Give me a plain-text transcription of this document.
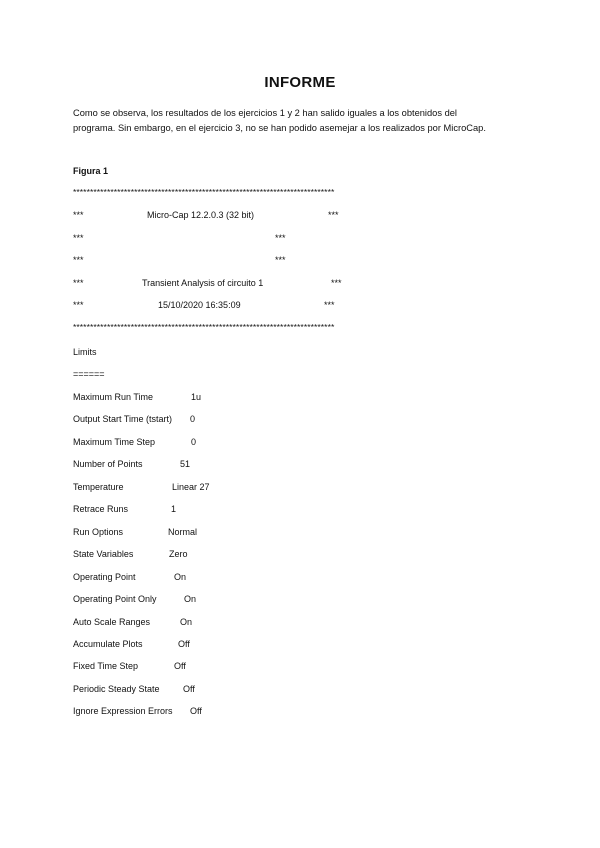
INFORME
Como se observa, los resultados de los ejercicios 1 y 2 han salido iguales a los obtenidos del
programa. Sin embargo, en el ejercicio 3, no se han podido asemejar a los realizados por MicroCap.
Figura 1
*****************************************************************************
***	Micro-Cap 12.2.0.3 (32 bit)	***
***	***
***	***
***	Transient Analysis of circuito 1	***
***	15/10/2020 16:35:09	***
*****************************************************************************
Limits
======
Maximum Run Time	1u
Output Start Time (tstart) 0
Maximum Time Step	0
Number of Points	51
Temperature	Linear 27
Retrace Runs	1
Run Options	Normal
State Variables	Zero
Operating Point	On
Operating Point Only	On
Auto Scale Ranges	On
Accumulate Plots	Off
Fixed Time Step	Off
Periodic Steady State	Off
Ignore Expression Errors Off
